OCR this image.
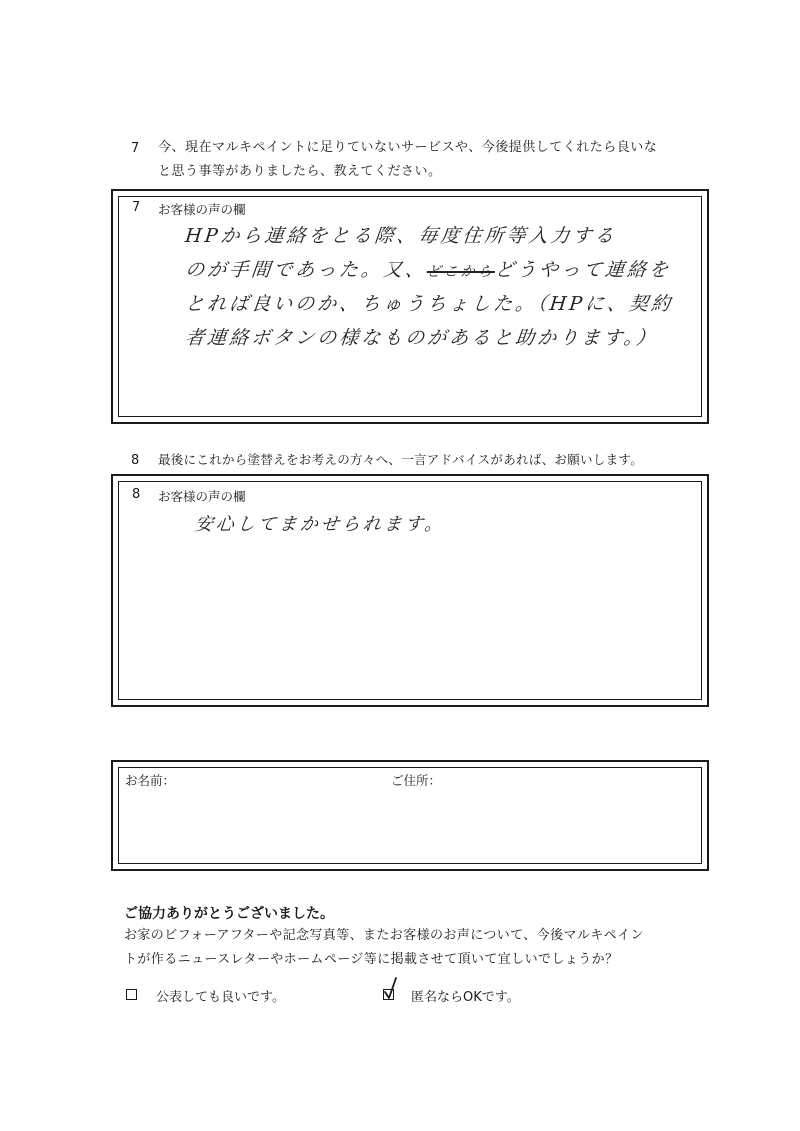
7 今、現在マルキペイントに足りていないサービスや、今後提供してくれたら良いな
と思う事等がありましたら、教えてください。
7 お客様の声の欄
HPから連絡をとる際、毎度住所等入力する
のが手間であった。又、どこからどうやって連絡を
とれば良いのか、ちゅうちょした。（HPに、契約
者連絡ボタンの様なものがあると助かります。）
8 最後にこれから塗替えをお考えの方々へ、一言アドバイスがあれば、お願いします。
8 お客様の声の欄
安心してまかせられます。
お名前：	ご住所：
ご協力ありがとうございました。
お家のビフォーアフターや記念写真等、またお客様のお声について、今後マルキペイン
トが作るニュースレターやホームページ等に掲載させて頂いて宜しいでしょうか？
公表しても良いです。	匿名ならOKです。
